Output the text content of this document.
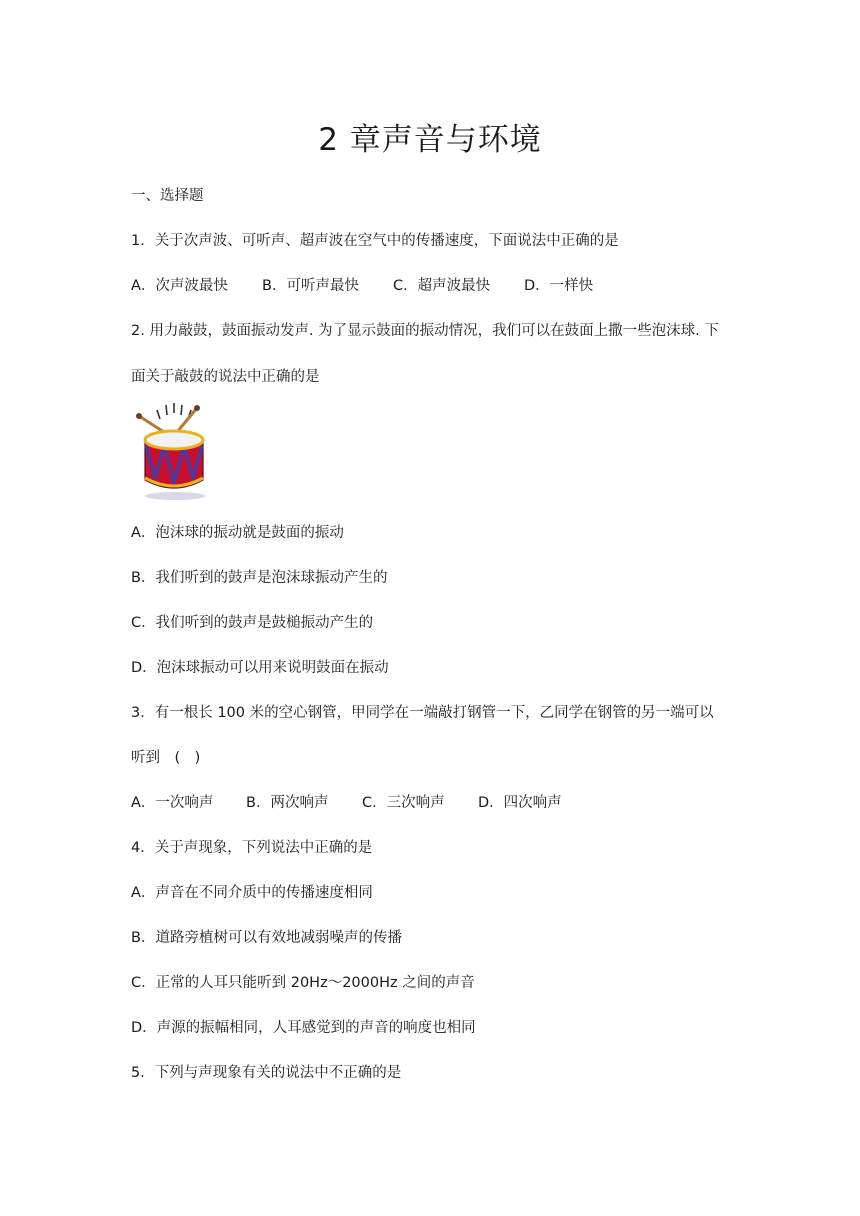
2 章声音与环境
一、选择题
1．关于次声波、可听声、超声波在空气中的传播速度，下面说法中正确的是
A．次声波最快	B．可听声最快	C．超声波最快	D．一样快
2. 用力敲鼓，鼓面振动发声. 为了显示鼓面的振动情况，我们可以在鼓面上撒一些泡沫球. 下
面关于敲鼓的说法中正确的是
A．泡沫球的振动就是鼓面的振动
B．我们听到的鼓声是泡沫球振动产生的
C．我们听到的鼓声是鼓槌振动产生的
D．泡沫球振动可以用来说明鼓面在振动
3．有一根长 100 米的空心钢管，甲同学在一端敲打钢管一下，乙同学在钢管的另一端可以
听到　(　)
A．一次响声	B．两次响声	C．三次响声	D．四次响声
4．关于声现象，下列说法中正确的是
A．声音在不同介质中的传播速度相同
B．道路旁植树可以有效地减弱噪声的传播
C．正常的人耳只能听到 20Hz～2000Hz 之间的声音
D．声源的振幅相同，人耳感觉到的声音的响度也相同
5．下列与声现象有关的说法中不正确的是
